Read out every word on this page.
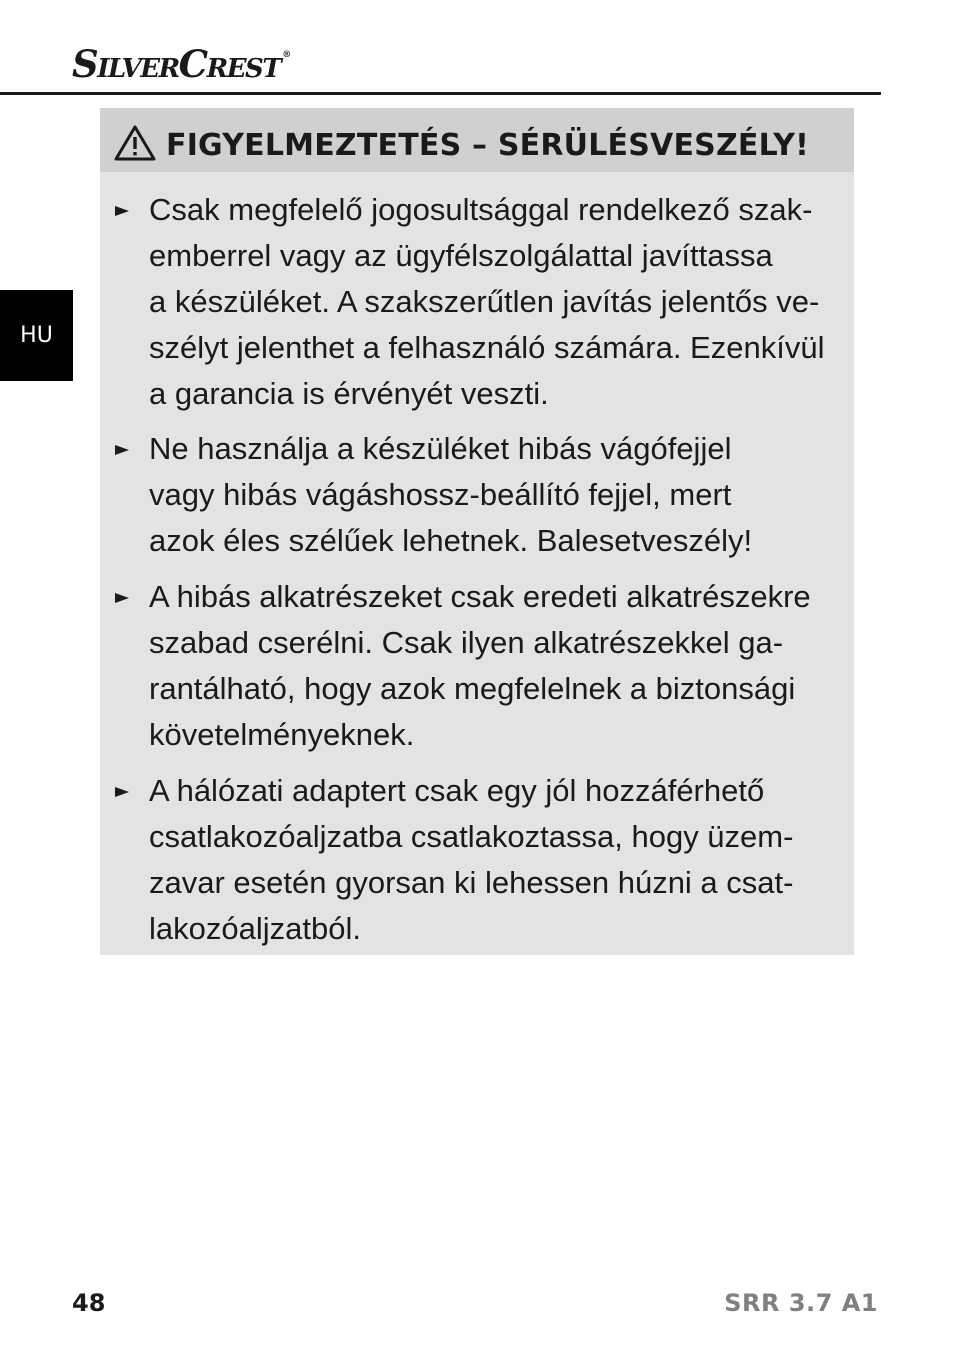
SilverCrest ®
HU
FIGYELMEZTETÉS – SÉRÜLÉSVESZÉLY!
Csak megfelelő jogosultsággal rendelkező szak-
emberrel vagy az ügyfélszolgálattal javíttassa
a készüléket. A szakszerűtlen javítás jelentős ve-
szélyt jelenthet a felhasználó számára. Ezenkívül
a garancia is érvényét veszti.
Ne használja a készüléket hibás vágófejjel
vagy hibás vágáshossz-beállító fejjel, mert
azok éles szélűek lehetnek. Balesetveszély!
A hibás alkatrészeket csak eredeti alkatrészekre
szabad cserélni. Csak ilyen alkatrészekkel ga-
rantálható, hogy azok megfelelnek a biztonsági
követelményeknek.
A hálózati adaptert csak egy jól hozzáférhető
csatlakozóaljzatba csatlakoztassa, hogy üzem-
zavar esetén gyorsan ki lehessen húzni a csat-
lakozóaljzatból.
48	SRR 3.7 A1
